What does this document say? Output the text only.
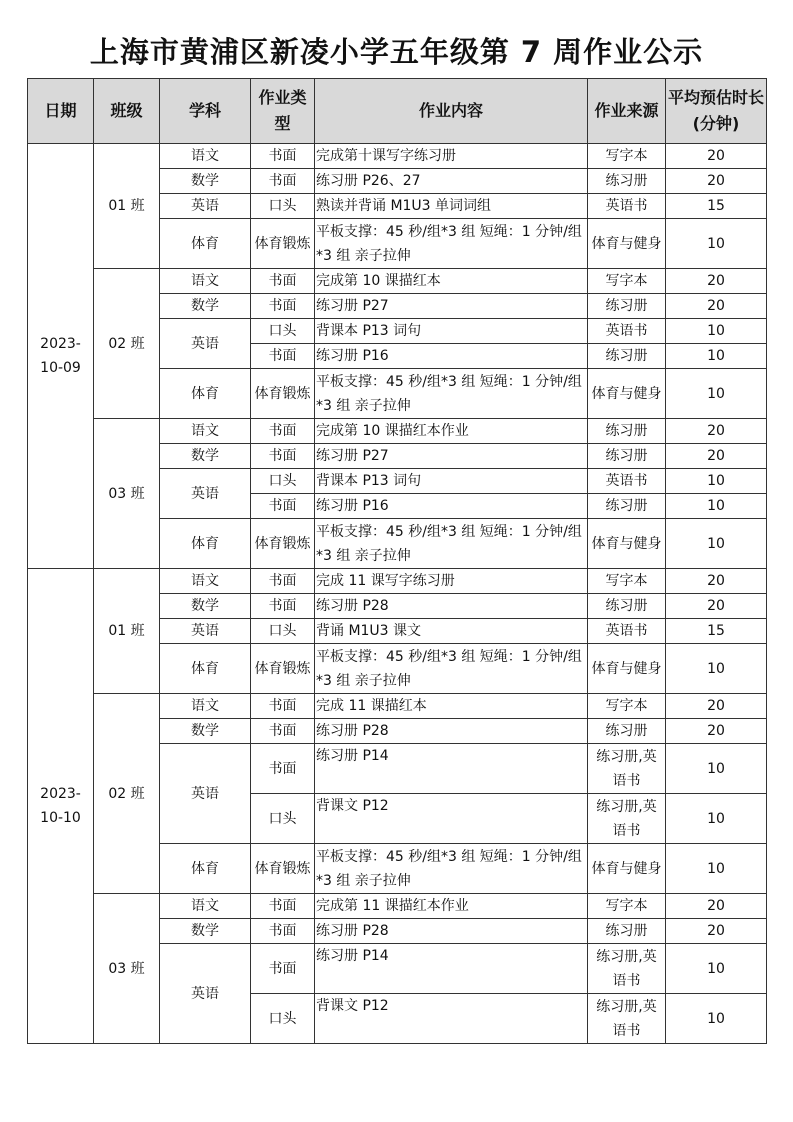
上海市黄浦区新凌小学五年级第 7 周作业公示
日期	班级	学科	作业类型	作业内容	作业来源	平均预估时长(分钟)
2023-10-09	01 班	语文	书面	完成第十课写字练习册	写字本	20
		数学	书面	练习册 P26、27	练习册	20
		英语	口头	熟读并背诵 M1U3 单词词组	英语书	15
		体育	体育锻炼	平板支撑：45 秒/组*3 组 短绳：1 分钟/组*3 组 亲子拉伸	体育与健身	10
	02 班	语文	书面	完成第 10 课描红本	写字本	20
		数学	书面	练习册 P27	练习册	20
		英语	口头	背课本 P13 词句	英语书	10
			书面	练习册 P16	练习册	10
		体育	体育锻炼	平板支撑：45 秒/组*3 组 短绳：1 分钟/组*3 组 亲子拉伸	体育与健身	10
	03 班	语文	书面	完成第 10 课描红本作业	练习册	20
		数学	书面	练习册 P27	练习册	20
		英语	口头	背课本 P13 词句	英语书	10
			书面	练习册 P16	练习册	10
		体育	体育锻炼	平板支撑：45 秒/组*3 组 短绳：1 分钟/组*3 组 亲子拉伸	体育与健身	10
2023-10-10	01 班	语文	书面	完成 11 课写字练习册	写字本	20
		数学	书面	练习册 P28	练习册	20
		英语	口头	背诵 M1U3 课文	英语书	15
		体育	体育锻炼	平板支撑：45 秒/组*3 组 短绳：1 分钟/组*3 组 亲子拉伸	体育与健身	10
	02 班	语文	书面	完成 11 课描红本	写字本	20
		数学	书面	练习册 P28	练习册	20
		英语	书面	练习册 P14	练习册,英语书	10
			口头	背课文 P12	练习册,英语书	10
		体育	体育锻炼	平板支撑：45 秒/组*3 组 短绳：1 分钟/组*3 组 亲子拉伸	体育与健身	10
	03 班	语文	书面	完成第 11 课描红本作业	写字本	20
		数学	书面	练习册 P28	练习册	20
		英语	书面	练习册 P14	练习册,英语书	10
			口头	背课文 P12	练习册,英语书	10
